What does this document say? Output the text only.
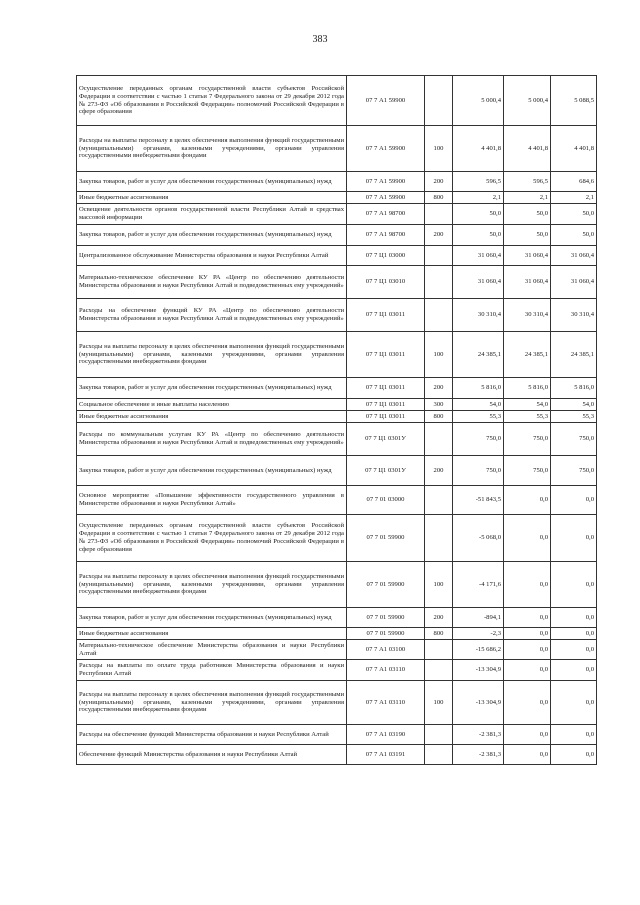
383
Осуществление переданных органам государственной власти субъектов Российской Федерации в соответствии с частью 1 статьи 7 Федерального закона от 29 декабря 2012 года № 273-ФЗ «Об образовании в Российской Федерации» полномочий Российской Федерации в сфере образования	07 7 А1 59900		5 000,4	5 000,4	5 088,5
Расходы на выплаты персоналу в целях обеспечения выполнения функций государственными (муниципальными) органами, казенными учреждениями, органами управления государственными внебюджетными фондами	07 7 А1 59900	100	4 401,8	4 401,8	4 401,8
Закупка товаров, работ и услуг для обеспечения государственных (муниципальных) нужд	07 7 А1 59900	200	596,5	596,5	684,6
Иные бюджетные ассигнования	07 7 А1 59900	800	2,1	2,1	2,1
Освещение деятельности органов государственной власти Республики Алтай в средствах массовой информации	07 7 А1 98700		50,0	50,0	50,0
Закупка товаров, работ и услуг для обеспечения государственных (муниципальных) нужд	07 7 А1 98700	200	50,0	50,0	50,0
Централизованное обслуживание Министерства образования и науки Республики Алтай	07 7 Ц1 03000		31 060,4	31 060,4	31 060,4
Материально-техническое обеспечение КУ РА «Центр по обеспечению деятельности Министерства образования и науки Республики Алтай и подведомственных ему учреждений»	07 7 Ц1 03010		31 060,4	31 060,4	31 060,4
Расходы на обеспечение функций КУ РА «Центр по обеспечению деятельности Министерства образования и науки Республики Алтай и подведомственных ему учреждений»	07 7 Ц1 03011		30 310,4	30 310,4	30 310,4
Расходы на выплаты персоналу в целях обеспечения выполнения функций государственными (муниципальными) органами, казенными учреждениями, органами управления государственными внебюджетными фондами	07 7 Ц1 03011	100	24 385,1	24 385,1	24 385,1
Закупка товаров, работ и услуг для обеспечения государственных (муниципальных) нужд	07 7 Ц1 03011	200	5 816,0	5 816,0	5 816,0
Социальное обеспечение и иные выплаты населению	07 7 Ц1 03011	300	54,0	54,0	54,0
Иные бюджетные ассигнования	07 7 Ц1 03011	800	55,3	55,3	55,3
Расходы по коммунальным услугам КУ РА «Центр по обеспечению деятельности Министерства образования и науки Республики Алтай и подведомственных ему учреждений»	07 7 Ц1 0301У		750,0	750,0	750,0
Закупка товаров, работ и услуг для обеспечения государственных (муниципальных) нужд	07 7 Ц1 0301У	200	750,0	750,0	750,0
Основное мероприятие «Повышение эффективности государственного управления в Министерстве образования и науки Республики Алтай»	07 7 01 03000		-51 843,5	0,0	0,0
Осуществление переданных органам государственной власти субъектов Российской Федерации в соответствии с частью 1 статьи 7 Федерального закона от 29 декабря 2012 года № 273-ФЗ «Об образовании в Российской Федерации» полномочий Российской Федерации в сфере образования	07 7 01 59900		-5 068,0	0,0	0,0
Расходы на выплаты персоналу в целях обеспечения выполнения функций государственными (муниципальными) органами, казенными учреждениями, органами управления государственными внебюджетными фондами	07 7 01 59900	100	-4 171,6	0,0	0,0
Закупка товаров, работ и услуг для обеспечения государственных (муниципальных) нужд	07 7 01 59900	200	-894,1	0,0	0,0
Иные бюджетные ассигнования	07 7 01 59900	800	-2,3	0,0	0,0
Материально-техническое обеспечение Министерства образования и науки Республики Алтай	07 7 А1 03100		-15 686,2	0,0	0,0
Расходы на выплаты по оплате труда работников Министерства образования и науки Республики Алтай	07 7 А1 03110		-13 304,9	0,0	0,0
Расходы на выплаты персоналу в целях обеспечения выполнения функций государственными (муниципальными) органами, казенными учреждениями, органами управления государственными внебюджетными фондами	07 7 А1 03110	100	-13 304,9	0,0	0,0
Расходы на обеспечение функций Министерства образования и науки Республики Алтай	07 7 А1 03190		-2 381,3	0,0	0,0
Обеспечение функций Министерства образования и науки Республики Алтай	07 7 А1 03191		-2 381,3	0,0	0,0
